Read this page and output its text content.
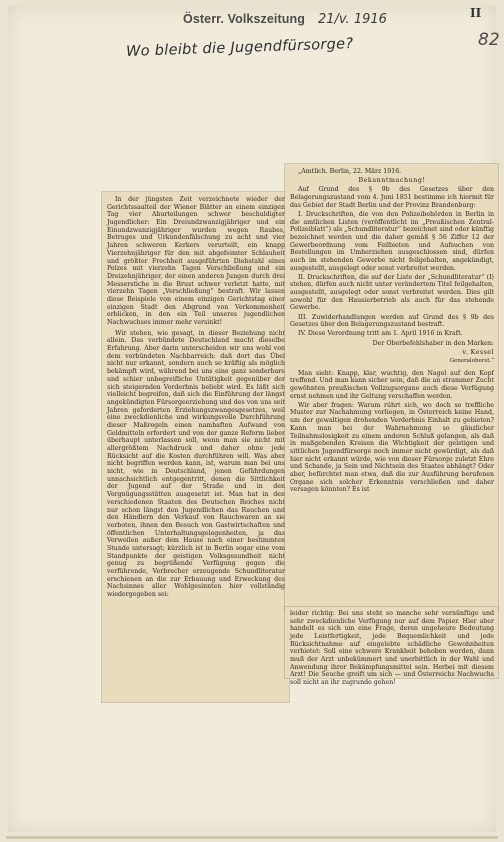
Österr. Volkszeitung 21/v. 1916	II
82
Wo bleibt die Jugendfürsorge?

In der jüngsten Zeit verzeichnete wieder der Gerichtssaalteil der Wiener Blätter an einem einzigen Tag vier Aburteilungen schwer beschuldigter Jugendlicher: Ein Dreiundzwanzigjähriger und ein Einundzwanzigjähriger wurden wegen Raubes, Betruges und Urkundenfälschung zu acht und vier Jahren schweren Kerkers verurteilt, ein knapp Vierzehnjähriger für den mit abgefeimter Schlauheit und größter Frechheit ausgeführten Diebstahl eines Pelzes mit vierzehn Tagen Verschließung und ein Dreizehnjähriger, der einen anderen Jungen durch drei Messerstiche in die Brust schwer verletzt hatte, mit vierzehn Tagen „Verschließung“ bestraft. Wir lassen diese Beispiele von einem einzigen Gerichtstag einer einzigen Stadt den Abgrund von Verkommenheit erblicken, in den ein Teil unseres jugendlichen Nachwuchses immer mehr versinkt!

Wir stehen, wie gesagt, in dieser Beziehung nicht allein. Das verbündete Deutschland macht dieselbe Erfahrung. Aber darin unterscheiden wir uns wohl von dem verbündeten Nachbarreich: daß dort das Übel nicht nur erkannt, sondern auch so kräftig als möglich bekämpft wird, während bei uns eine ganz sonderbare und schier unbegreifliche Untätigkeit gegenüber der sich steigernden Verderbnis beliebt wird. Es läßt sich vielleicht begreifen, daß sich die Einführung der längst angekündigten Fürsorgeerziehung und des von uns seit Jahren geforderten Erziehungszwangesgesetzes, weil eine zweckdienliche und wirkungsvolle Durchführung dieser Maßregeln einen namhaften Aufwand von Geldmitteln erfordert und von der ganze Reform lieber überhaupt unterlassen soll, wenn man sie nicht mit allergrößtem Nachdruck und daher ohne jede Rücksicht auf die Kosten durchführen will. Was aber nicht begriffen werden kann, ist, warum man bei uns nicht, wie in Deutschland, jenen Gefährdungen unnachsichtlich entgegentritt, denen die Sittlichkeit der Jugend auf der Straße und in den Vergnügungsstätten ausgesetzt ist. Man hat in den verschiedenen Staaten des Deutschen Reiches nicht nur schon längst den Jugendlichen das Rauchen und den Händlern den Verkauf von Rauchwaren an sie verboten, ihnen den Besuch von Gastwirtschaften und öffentlichen Unterhaltungsgelegenheiten, ja das Verweilen außer dem Hause nach einer bestimmten Stunde untersagt; kürzlich ist in Berlin sogar eine vom Standpunkte der geistigen Volksgesundheit nicht genug zu begrüßende Verfügung gegen die verführende, Verbrecher erzeugende Schundliteratur erschienen an die zur Erbauung und Erweckung des Nachsinnes aller Wohlgesinnten hier vollständig wiedergegeben sei:

„Amtlich. Berlin, 22. März 1916.

Bekanntmachung!

Auf Grund des § 9b des Gesetzes über den Belagerungszustand vom 4. Juni 1851 bestimme ich hiermit für das Gebiet der Stadt Berlin und der Provinz Brandenburg:

I. Druckschriften, die von den Polizeibehörden in Berlin in die amtlichen Listen (veröffentlicht im „Preußischen Zentral-Polizeiblatt“) als „Schundliteratur“ bezeichnet sind oder künftig bezeichnet werden und die daher gemäß § 56 Ziffer 12 der Gewerbeordnung vom Feilbieten und Aufsuchen von Bestellungen im Umherziehen ausgeschlossen sind, dürfen auch im stehenden Gewerbe nicht feilgehalten, angekündigt, ausgestellt, ausgelegt oder sonst verbreitet werden.

II. Druckschriften, die auf der Liste der „Schundliteratur“ (I) stehen, dürfen auch nicht unter verändertem Titel feilgehalten, ausgestellt, ausgelegt oder sonst verbreitet werden. Dies gilt sowohl für den Hausierbetrieb als auch für das stehende Gewerbe.

III. Zuwiderhandlungen werden auf Grund des § 9b des Gesetzes über den Belagerungszustand bestraft.

IV. Diese Verordnung tritt am 1. April 1916 in Kraft.

Der Oberbefehlshaber in den Marken:

v. Kessel

Generaloberst.“

Man sieht: Knapp, klar, wuchtig, den Nagel auf den Kopf treffend. Und man kann sicher sein, daß die an strammer Zucht gewöhnten preußischen Vollzugsorgane auch diese Verfügung ernst nehmen und ihr Geltung verschaffen werden.

Wir aber fragen: Warum rührt sich, wo doch so treffliche Muster zur Nachahmung vorliegen, in Österreich keine Hand, um der gewaltigen drohenden Verderbnis Einhalt zu gebieten? Kann man bei der Wahrnehmung so gänzlicher Teilnahmslosigkeit zu einem anderen Schluß gelangen, als daß in maßgebenden Kreisen die Wichtigkeit der geistigen und sittlichen Jugendfürsorge noch immer nicht gewürdigt, als daß hier nicht erkannt würde, wie von dieser Fürsorge zuletzt Ehre und Schande, ja Sein und Nichtsein des Staates abhängt? Oder aber, befürchtet man etwa, daß die zur Ausführung berufenen Organe sich solcher Erkenntnis verschließen und daher versagen könnten? Es ist

leider richtig: Bei uns steht so manche sehr vernünftige und sehr zweckdienliche Verfügung nur auf dem Papier. Hier aber handelt es sich um eine Frage, deren ungeheure Bedeutung jede Leistfertigkeit, jede Bequemlichkeit und jede Rücksichtnahme auf eingelebte schädliche Gewohnheiten verbietet: Soll eine schwere Krankheit behoben werden, dann muß der Arzt unbekümmert und unerbittlich in der Wahl und Anwendung ihrer Bekämpfungsmittel sein. Herbei mit diesem Arzt! Die Seuche greift um sich — und Österreichs Nachwuchs soll nicht an ihr zugrunde gehen!
